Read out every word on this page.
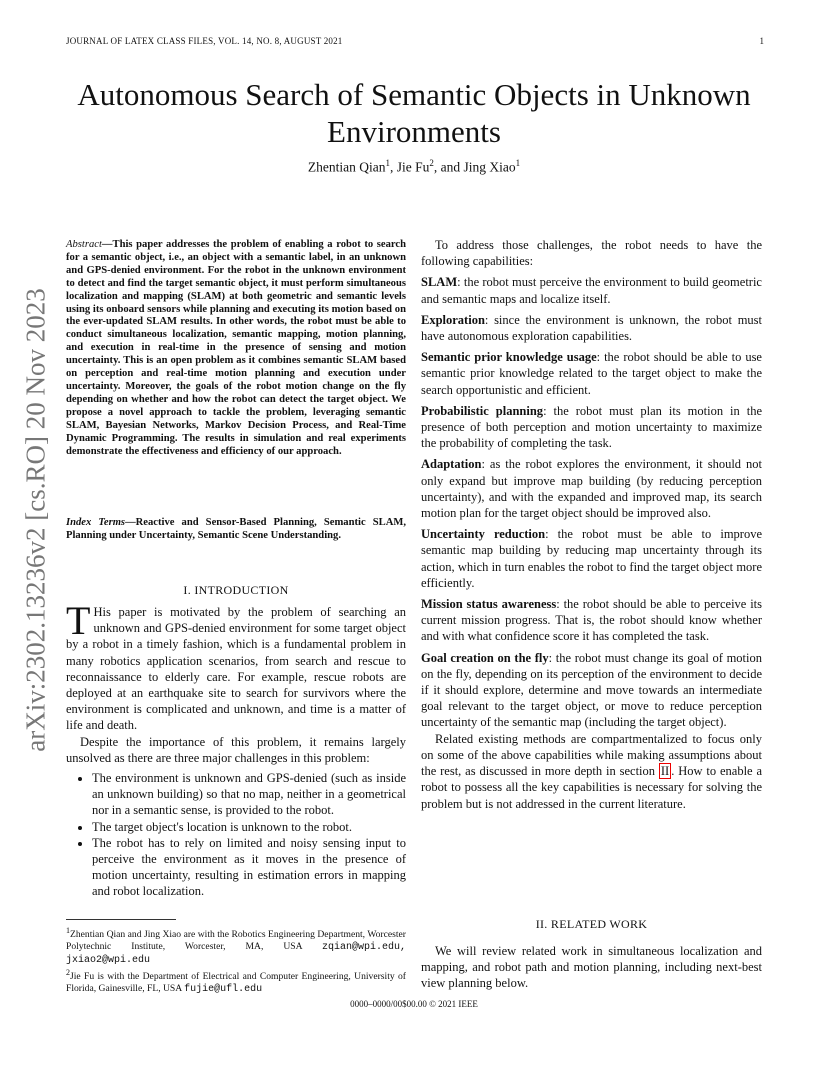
JOURNAL OF LATEX CLASS FILES, VOL. 14, NO. 8, AUGUST 2021	1
arXiv:2302.13236v2 [cs.RO] 20 Nov 2023
Autonomous Search of Semantic Objects in Unknown Environments
Zhentian Qian$^1$, Jie Fu$^2$, and Jing Xiao$^1$
Abstract—This paper addresses the problem of enabling a robot to search for a semantic object, i.e., an object with a semantic label, in an unknown and GPS-denied environment. For the robot in the unknown environment to detect and find the target semantic object, it must perform simultaneous localization and mapping (SLAM) at both geometric and semantic levels using its onboard sensors while planning and executing its motion based on the ever-updated SLAM results. In other words, the robot must be able to conduct simultaneous localization, semantic mapping, motion planning, and execution in real-time in the presence of sensing and motion uncertainty. This is an open problem as it combines semantic SLAM based on perception and real-time motion planning and execution under uncertainty. Moreover, the goals of the robot motion change on the fly depending on whether and how the robot can detect the target object. We propose a novel approach to tackle the problem, leveraging semantic SLAM, Bayesian Networks, Markov Decision Process, and Real-Time Dynamic Programming. The results in simulation and real experiments demonstrate the effectiveness and efficiency of our approach.
Index Terms—Reactive and Sensor-Based Planning, Semantic SLAM, Planning under Uncertainty, Semantic Scene Understanding.
I. INTRODUCTION

T His paper is motivated by the problem of searching an unknown and GPS-denied environment for some target object by a robot in a timely fashion, which is a fundamental problem in many robotics application scenarios, from search and rescue to reconnaissance to elderly care. For example, rescue robots are deployed at an earthquake site to search for survivors where the environment is complicated and unknown, and time is a matter of life and death.

Despite the importance of this problem, it remains largely unsolved as there are three major challenges in this problem:

• The environment is unknown and GPS-denied (such as inside an unknown building) so that no map, neither in a geometrical nor in a semantic sense, is provided to the robot.
• The target object's location is unknown to the robot.
• The robot has to rely on limited and noisy sensing input to perceive the environment as it moves in the presence of motion uncertainty, resulting in estimation errors in mapping and robot localization.
$^1$Zhentian Qian and Jing Xiao are with the Robotics Engineering Department, Worcester Polytechnic Institute, Worcester, MA, USA zqian@wpi.edu, jxiao2@wpi.edu
$^2$Jie Fu is with the Department of Electrical and Computer Engineering, University of Florida, Gainesville, FL, USA fujie@ufl.edu

To address those challenges, the robot needs to have the following capabilities:

SLAM: the robot must perceive the environment to build geometric and semantic maps and localize itself.

Exploration: since the environment is unknown, the robot must have autonomous exploration capabilities.

Semantic prior knowledge usage: the robot should be able to use semantic prior knowledge related to the target object to make the search opportunistic and efficient.

Probabilistic planning: the robot must plan its motion in the presence of both perception and motion uncertainty to maximize the probability of completing the task.

Adaptation: as the robot explores the environment, it should not only expand but improve map building (by reducing perception uncertainty), and with the expanded and improved map, its search motion plan for the target object should be improved also.

Uncertainty reduction: the robot must be able to improve semantic map building by reducing map uncertainty through its action, which in turn enables the robot to find the target object more efficiently.

Mission status awareness: the robot should be able to perceive its current mission progress. That is, the robot should know whether and with what confidence score it has completed the task.

Goal creation on the fly: the robot must change its goal of motion on the fly, depending on its perception of the environment to decide if it should explore, determine and move towards an intermediate goal relevant to the target object, or move to reduce perception uncertainty of the semantic map (including the target object).

Related existing methods are compartmentalized to focus only on some of the above capabilities while making assumptions about the rest, as discussed in more depth in section II . How to enable a robot to possess all the key capabilities is necessary for solving the problem but is not addressed in the current literature.

II. RELATED WORK

We will review related work in simultaneous localization and mapping, and robot path and motion planning, including next-best view planning below.

0000–0000/00$00.00 © 2021 IEEE
